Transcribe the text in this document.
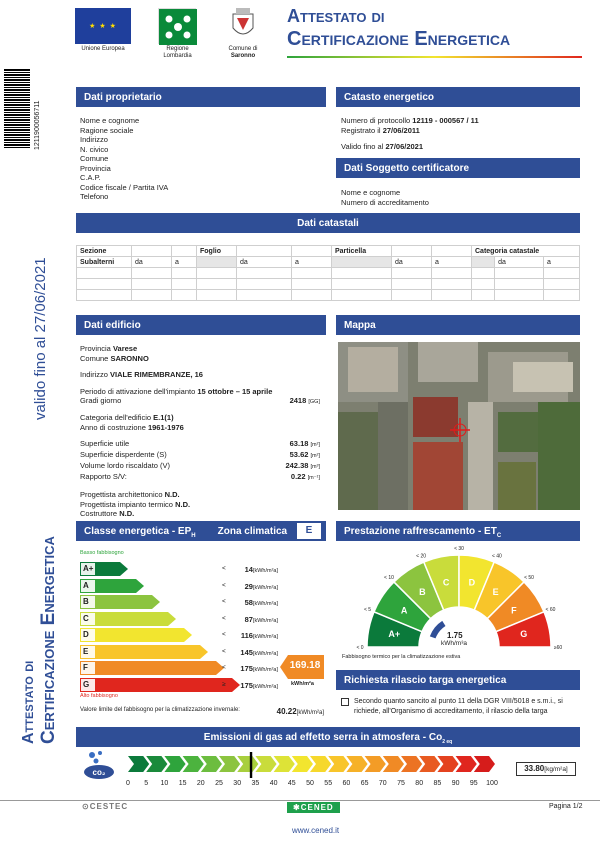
★ ★ ★
Unione Europea	Regione
Lombardia
Comune di
Saronno
Attestato di
Certificazione Energetica
1211900056711
valido fino al 27/06/2021
Attestato di Certificazione Energetica
Dati proprietario
Nome e cognome
Ragione sociale
Indirizzo
N. civico
Comune
Provincia
C.A.P.
Codice fiscale / Partita IVA
Telefono
Catasto energetico
Numero di protocollo 12119 - 000567 / 11
Registrato il 27/06/2011
Valido fino al 27/06/2021
Dati Soggetto certificatore
Nome e cognome
Numero di accreditamento
Dati catastali
Sezione			Foglio			Particella			Categoria catastale		
Subalterni	da	a		da	a		da	a		da	a

Dati edificio
Provincia Varese
Comune SARONNO
Indirizzo VIALE RIMEMBRANZE, 16
Periodo di attivazione dell'impianto 15 ottobre – 15 aprile
Gradi giorno	2418 [GG]
Categoria dell'edificio E.1(1)
Anno di costruzione 1961-1976
Superficie utile	63.18 [m²]
Superficie disperdente (S)	53.62 [m²]
Volume lordo riscaldato (V)	242.38 [m³]
Rapporto S/V:	0.22 [m⁻¹]
Progettista architettonico N.D.
Progettista impianto termico N.D.
Costruttore N.D.
Mappa
Classe energetica - $EP_H$ Zona climatica	E
Basso fabbisogno
Alto fabbisogno
A+	<	14[kWh/m²a]
A	<	29[kWh/m²a]
B	<	58[kWh/m²a]
C	<	87[kWh/m²a]
D	<	116[kWh/m²a]
E	<	145[kWh/m²a]
F	<	175[kWh/m²a]
G	≥	175[kWh/m²a]
169.18
kWh/m²a
Valore limite del fabbisogno per la climatizzazione invernale:	40.22[kWh/m²a]
Prestazione raffrescamento - $ET_C$
A+
A
B
C D
E
F
G
< 0
< 5
< 10
< 20
< 30
< 40
< 50
< 60
≥60
1.75
kWh/m³a
Fabbisogno termico per la climatizzazione estiva
Richiesta rilascio targa energetica
Secondo quanto sancito al punto 11 della DGR VIII/5018 e s.m.i., si
richiede, all'Organismo di accreditamento, il rilascio della targa
Emissioni di gas ad effetto serra in atmosfera - $Co_{2 eq}$
co₂
0 5 10 15 20 25 30 35 40 45 50 55 60 65 70 75 80 85 90 95 100
33.80[kg/m²a]
⊙CESTEC	✱CENED	Pagina 1/2
www.cened.it
